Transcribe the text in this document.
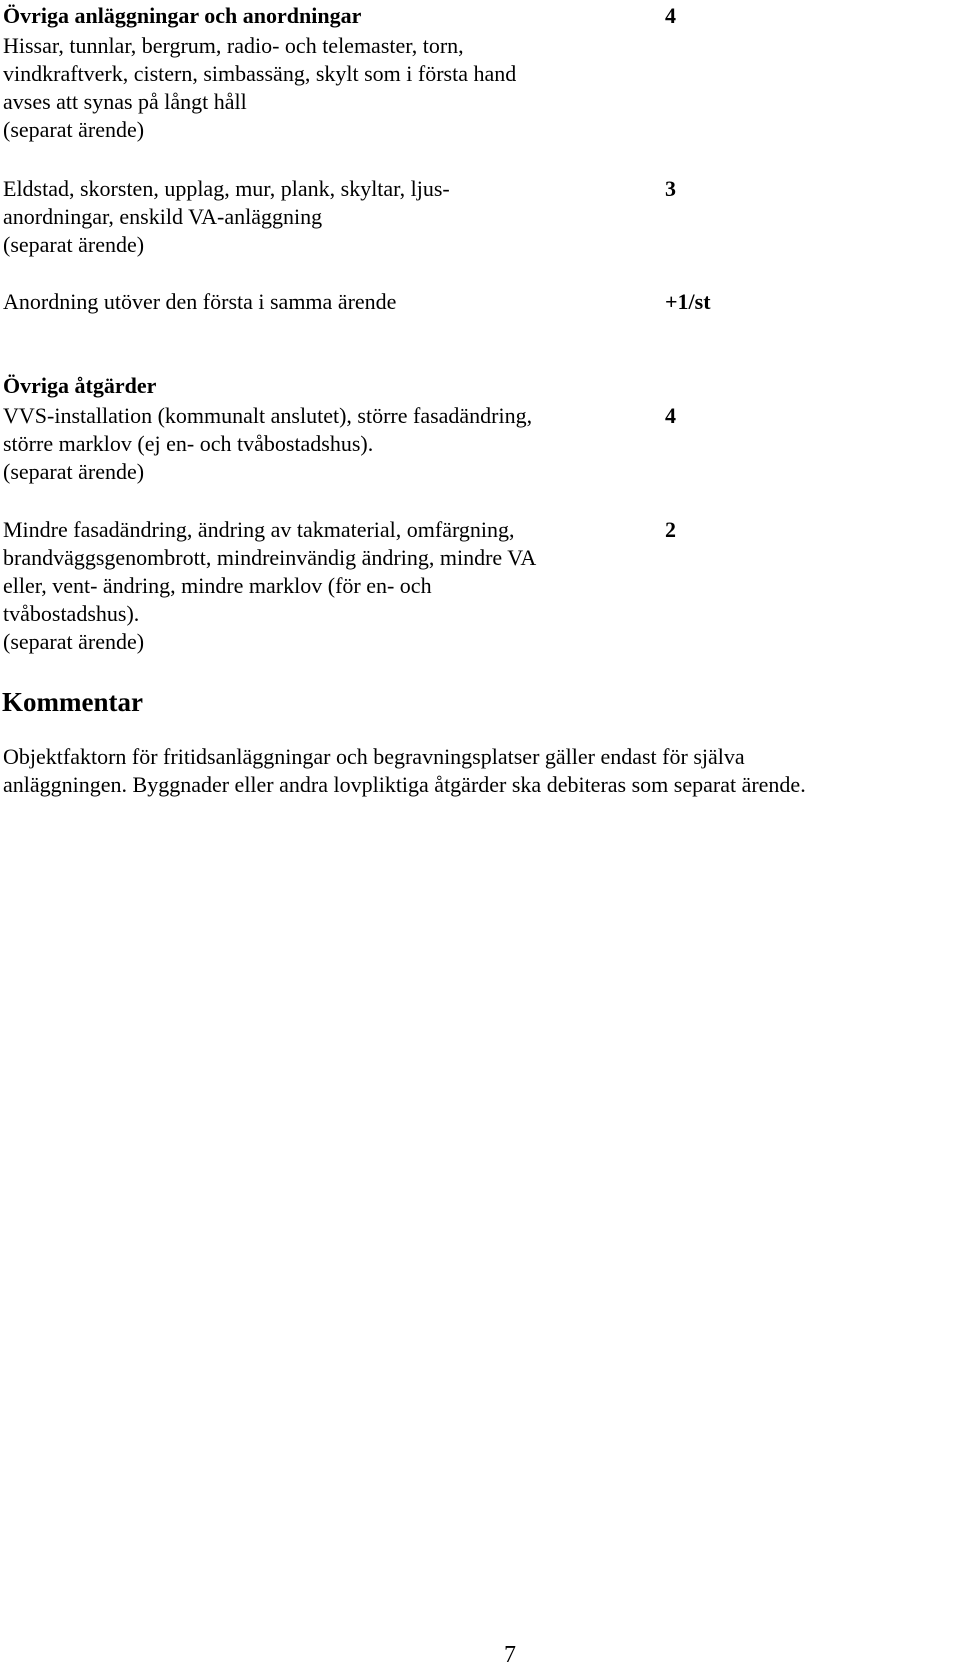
Övriga anläggningar och anordningar	4
Hissar, tunnlar, bergrum, radio- och telemaster, torn,
vindkraftverk, cistern, simbassäng, skylt som i första hand
avses att synas på långt håll
(separat ärende)
Eldstad, skorsten, upplag, mur, plank, skyltar, ljus-	3
anordningar, enskild VA-anläggning
(separat ärende)
Anordning utöver den första i samma ärende	+1/st
Övriga åtgärder
VVS-installation (kommunalt anslutet), större fasadändring,	4
större marklov (ej en- och tvåbostadshus).
(separat ärende)
Mindre fasadändring, ändring av takmaterial, omfärgning,	2
brandväggsgenombrott, mindreinvändig ändring, mindre VA
eller, vent- ändring, mindre marklov (för en- och
tvåbostadshus).
(separat ärende)
Kommentar
Objektfaktorn för fritidsanläggningar och begravningsplatser gäller endast för själva
anläggningen. Byggnader eller andra lovpliktiga åtgärder ska debiteras som separat ärende.
7
